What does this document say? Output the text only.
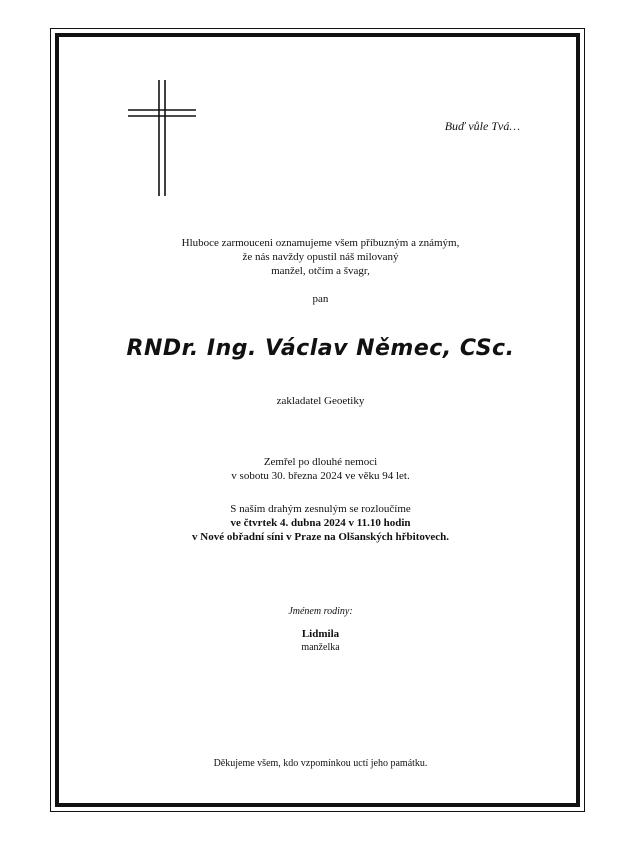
Buď vůle Tvá…
Hluboce zarmouceni oznamujeme všem příbuzným a známým,
že nás navždy opustil náš milovaný
manžel, otčím a švagr,
pan
RNDr. Ing. Václav Němec, CSc.
zakladatel Geoetiky
Zemřel po dlouhé nemoci
v sobotu 30. března 2024 ve věku 94 let.
S naším drahým zesnulým se rozloučíme
ve čtvrtek 4. dubna 2024 v 11.10 hodin
v Nové obřadní síni v Praze na Olšanských hřbitovech.
Jménem rodiny:
Lidmila
manželka
Děkujeme všem, kdo vzpomínkou uctí jeho památku.
